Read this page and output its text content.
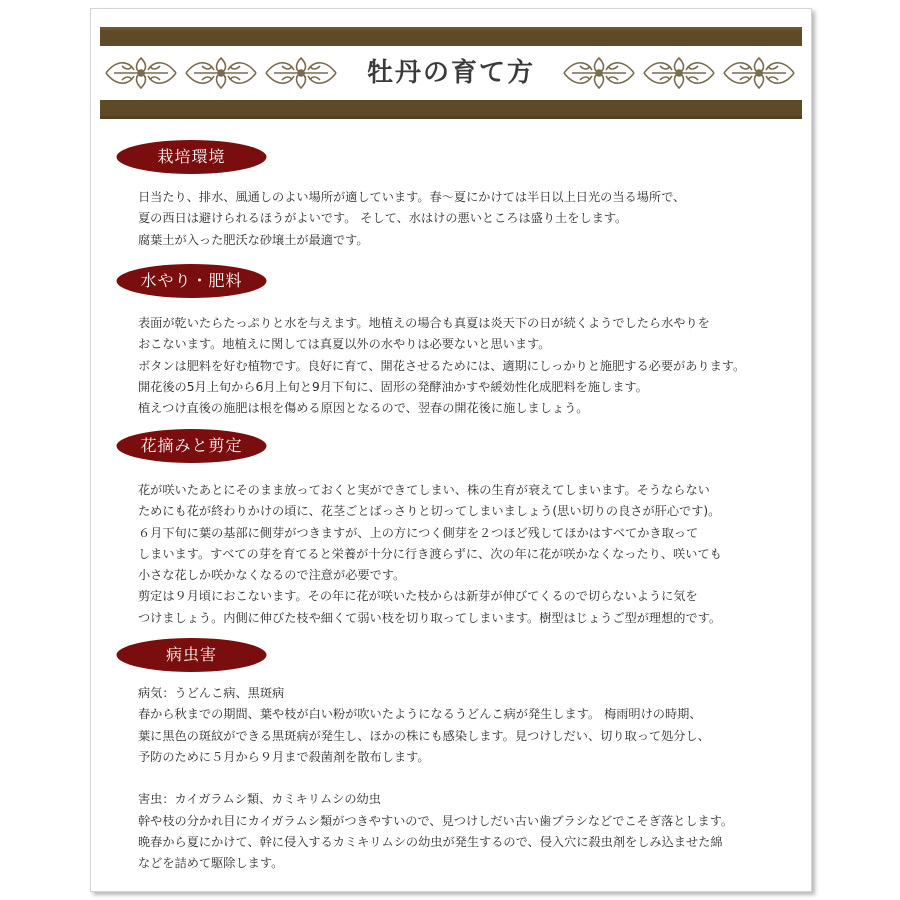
牡丹の育て方
栽培環境
日当たり、排水、風通しのよい場所が適しています。春〜夏にかけては半日以上日光の当る場所で、
夏の西日は避けられるほうがよいです。 そして、水はけの悪いところは盛り土をします。
腐葉土が入った肥沃な砂壌土が最適です。
水やり・肥料
表面が乾いたらたっぷりと水を与えます。地植えの場合も真夏は炎天下の日が続くようでしたら水やりを
おこないます。地植えに関しては真夏以外の水やりは必要ないと思います。
ボタンは肥料を好む植物です。良好に育て、開花させるためには、適期にしっかりと施肥する必要があります。
開花後の5月上旬から6月上旬と9月下旬に、固形の発酵油かすや緩効性化成肥料を施します。
植えつけ直後の施肥は根を傷める原因となるので、翌春の開花後に施しましょう。
花摘みと剪定
花が咲いたあとにそのまま放っておくと実ができてしまい、株の生育が衰えてしまいます。そうならない
ためにも花が終わりかけの頃に、花茎ごとばっさりと切ってしまいましょう(思い切りの良さが肝心です)。
６月下旬に葉の基部に側芽がつきますが、上の方につく側芽を２つほど残してほかはすべてかき取って
しまいます。すべての芽を育てると栄養が十分に行き渡らずに、次の年に花が咲かなくなったり、咲いても
小さな花しか咲かなくなるので注意が必要です。
剪定は９月頃におこないます。その年に花が咲いた枝からは新芽が伸びてくるので切らないように気を
つけましょう。内側に伸びた枝や細くて弱い枝を切り取ってしまいます。樹型はじょうご型が理想的です。
病虫害
病気：うどんこ病、黒斑病
春から秋までの期間、葉や枝が白い粉が吹いたようになるうどんこ病が発生します。 梅雨明けの時期、
葉に黒色の斑紋ができる黒斑病が発生し、ほかの株にも感染します。見つけしだい、切り取って処分し、
予防のために５月から９月まで殺菌剤を散布します。
害虫：カイガラムシ類、カミキリムシの幼虫
幹や枝の分かれ目にカイガラムシ類がつきやすいので、見つけしだい古い歯ブラシなどでこそぎ落とします。
晩春から夏にかけて、幹に侵入するカミキリムシの幼虫が発生するので、侵入穴に殺虫剤をしみ込ませた綿
などを詰めて駆除します。
